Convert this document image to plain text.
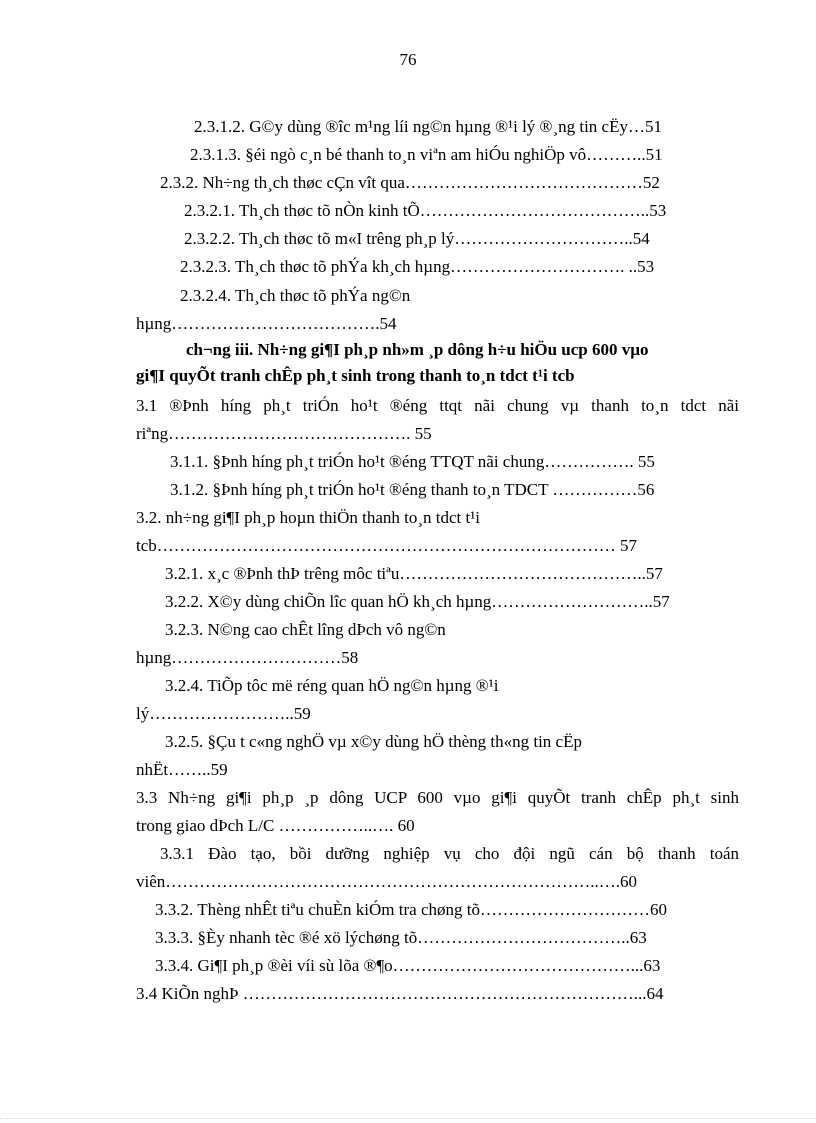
76
2.3.1.2. G©y dùng ®îc m¹ng líi ng©n hµng ®¹i lý ®¸ng tin cËy…51
2.3.1.3. §éi ngò c¸n bé thanh to¸n viªn am hiÓu nghiÖp vô………..51
2.3.2. Nh÷ng th¸ch thøc cÇn vît qua……………………………………52
2.3.2.1. Th¸ch thøc tõ nÒn kinh tÕ…………………………………..53
2.3.2.2. Th¸ch thøc tõ m«I trêng ph¸p lý…………………………..54
2.3.2.3. Th¸ch thøc tõ phÝa kh¸ch hµng…………………………. ..53
2.3.2.4. Th¸ch thøc tõ phÝa ng©n
hµng……………………………….54
ch¬ng iii. Nh÷ng gi¶I ph¸p nh»m ¸p dông h÷u hiÖu ucp 600 vµo
gi¶I quyÕt tranh chÊp ph¸t sinh trong thanh to¸n tdct t¹i tcb
3.1 ®Þnh híng ph¸t triÓn ho¹t ®éng ttqt nãi chung vµ thanh to¸n tdct nãi
riªng……………………………………. 55
3.1.1. §Þnh híng ph¸t triÓn ho¹t ®éng TTQT nãi chung……………. 55
3.1.2. §Þnh híng ph¸t triÓn ho¹t ®éng thanh to¸n TDCT ……………56
3.2. nh÷ng gi¶I ph¸p hoµn thiÖn thanh to¸n tdct t¹i
tcb……………………………………………………………………… 57
3.2.1. x¸c ®Þnh thÞ trêng môc tiªu……………………………………..57
3.2.2. X©y dùng chiÕn lîc quan hÖ kh¸ch hµng………………………..57
3.2.3. N©ng cao chÊt lîng dÞch vô ng©n
hµng…………………………58
3.2.4. TiÕp tôc më réng quan hÖ ng©n hµng ®¹i
lý……………………..59
3.2.5. §Çu t c«ng nghÖ vµ x©y dùng hÖ thèng th«ng tin cËp
nhËt……..59
3.3 Nh÷ng gi¶i ph¸p ¸p dông UCP 600 vµo gi¶i quyÕt tranh chÊp ph¸t sinh
trong giao dÞch L/C ……………..…. 60
3.3.1 Đào tạo, bồi dưỡng nghiệp vụ cho đội ngũ cán bộ thanh toán
viên…………………………………………………………………..….60
3.3.2. Thèng nhÊt tiªu chuÈn kiÓm tra chøng tõ…………………………60
3.3.3. §Èy nhanh tèc ®é xö lýchøng tõ………………………………..63
3.3.4. Gi¶I ph¸p ®èi víi sù lõa ®¶o……………………………………...63
3.4 KiÕn nghÞ ……………………………………………………………...64
